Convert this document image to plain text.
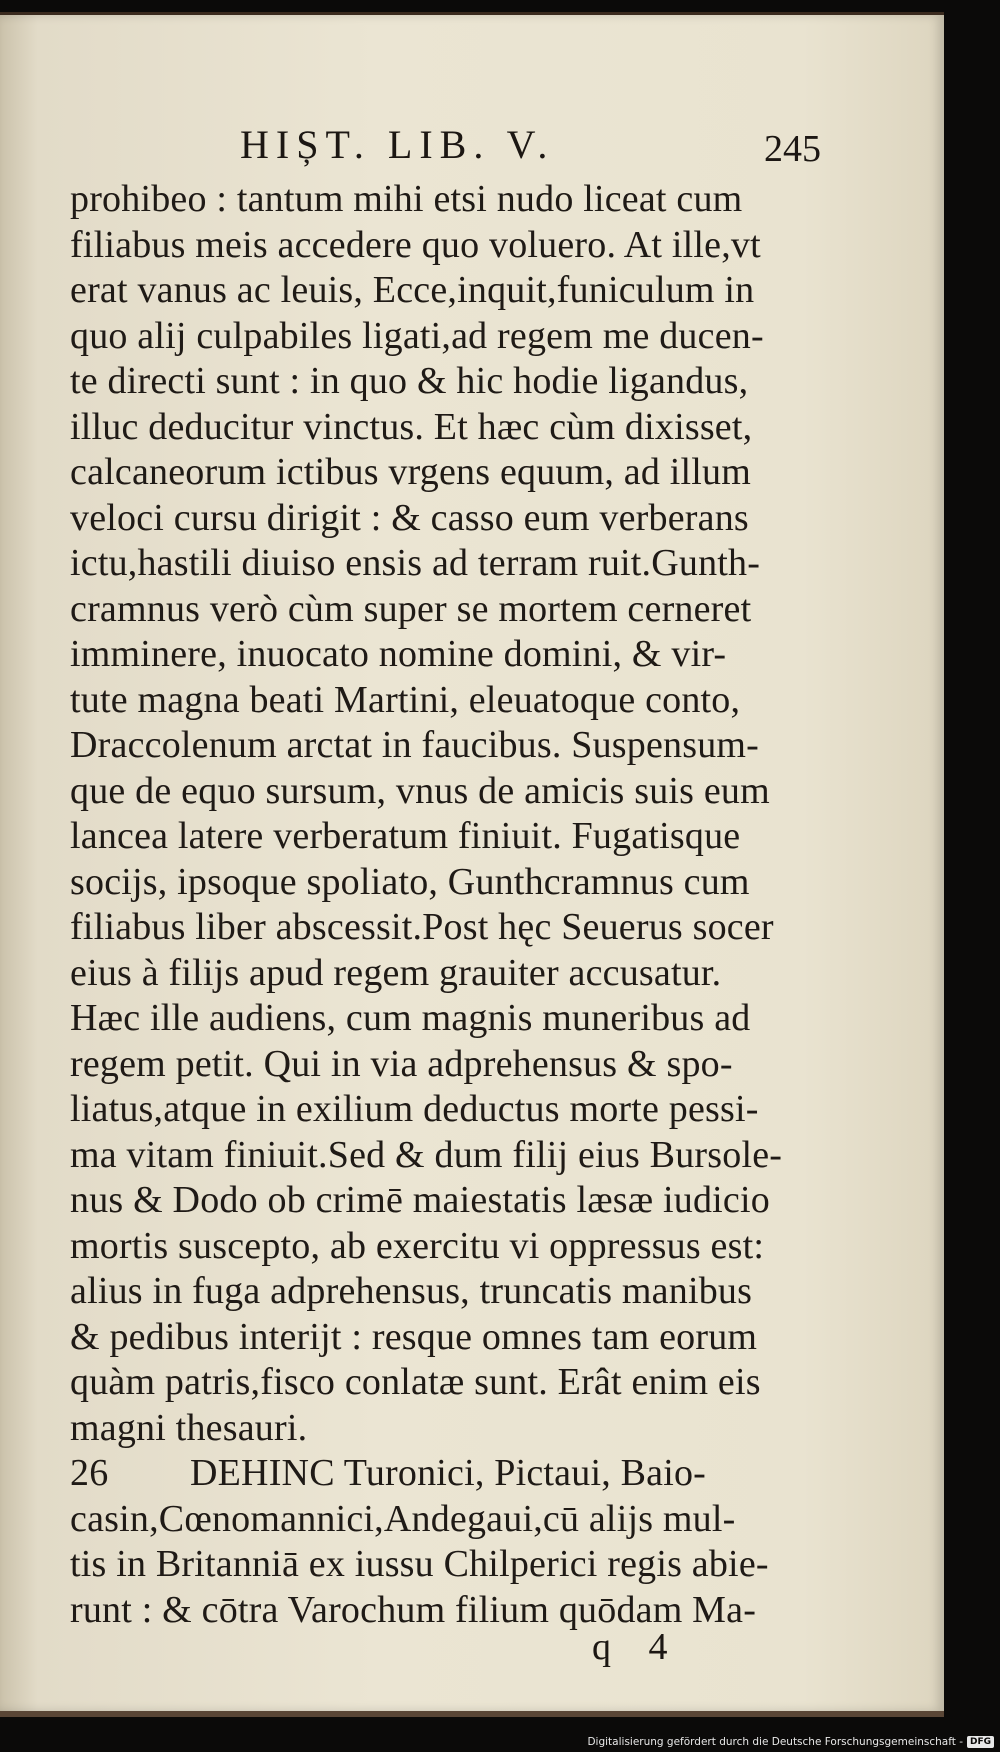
HIȘT. LIB. V.	245
prohibeo : tantum mihi etsi nudo liceat cum
filiabus meis accedere quo voluero. At ille,vt
erat vanus ac leuis, Ecce,inquit,funiculum in
quo alij culpabiles ligati,ad regem me ducen-
te directi sunt : in quo & hic hodie ligandus,
illuc deducitur vinctus. Et hæc cùm dixisset,
calcaneorum ictibus vrgens equum, ad illum
veloci cursu dirigit : & casso eum verberans
ictu,hastili diuiso ensis ad terram ruit.Gunth-
cramnus verò cùm super se mortem cerneret
imminere, inuocato nomine domini, & vir-
tute magna beati Martini, eleuatoque conto,
Draccolenum arctat in faucibus. Suspensum-
que de equo sursum, vnus de amicis suis eum
lancea latere verberatum finiuit. Fugatisque
socijs, ipsoque spoliato, Gunthcramnus cum
filiabus liber abscessit.Post hęc Seuerus socer
eius à filijs apud regem grauiter accusatur.
Hæc ille audiens, cum magnis muneribus ad
regem petit. Qui in via adprehensus & spo-
liatus,atque in exilium deductus morte pessi-
ma vitam finiuit.Sed & dum filij eius Bursole-
nus & Dodo ob crimē maiestatis læsæ iudicio
mortis suscepto, ab exercitu vi oppressus est:
alius in fuga adprehensus, truncatis manibus
& pedibus interijt : resque omnes tam eorum
quàm patris,fisco conlatæ sunt. Erât enim eis
magni thesauri.
26 DEHINC Turonici, Pictaui, Baio-
casin,Cœnomannici,Andegaui,cū alijs mul-
tis in Britanniā ex iussu Chilperici regis abie-
runt : & cōtra Varochum filium quōdam Ma-
q 4
Digitalisierung gefördert durch die Deutsche Forschungsgemeinschaft - DFG
